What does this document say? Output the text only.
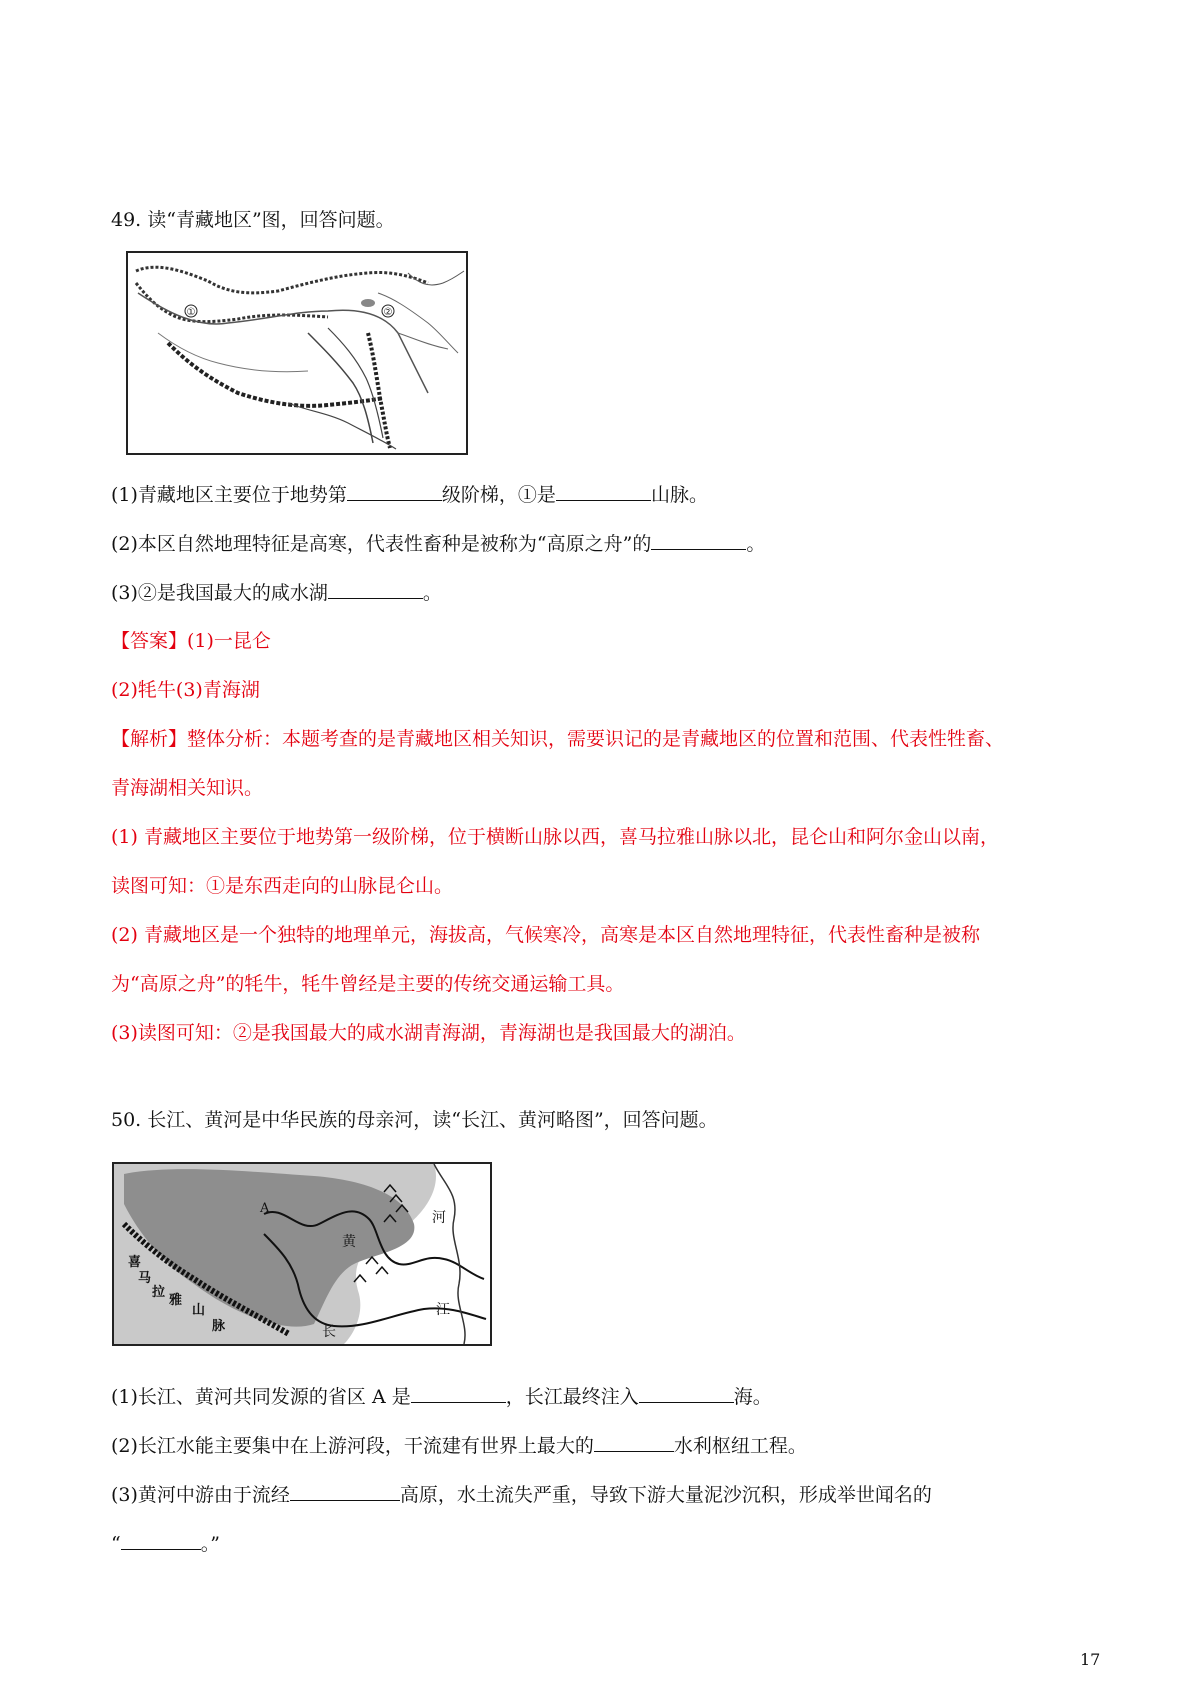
49. 读“青藏地区”图，回答问题。
①	②
(1)青藏地区主要位于地势第	级阶梯，①是	山脉。
(2)本区自然地理特征是高寒，代表性畜种是被称为“高原之舟”的	。
(3)②是我国最大的咸水湖	。
【答案】(1)一昆仑
(2)牦牛(3)青海湖
【解析】整体分析：本题考查的是青藏地区相关知识，需要识记的是青藏地区的位置和范围、代表性牲畜、
青海湖相关知识。
(1) 青藏地区主要位于地势第一级阶梯，位于横断山脉以西，喜马拉雅山脉以北，昆仑山和阿尔金山以南，
读图可知：①是东西走向的山脉昆仑山。
(2) 青藏地区是一个独特的地理单元，海拔高，气候寒冷，高寒是本区自然地理特征，代表性畜种是被称
为“高原之舟”的牦牛，牦牛曾经是主要的传统交通运输工具。
(3)读图可知：②是我国最大的咸水湖青海湖，青海湖也是我国最大的湖泊。
50. 长江、黄河是中华民族的母亲河，读“长江、黄河略图”，回答问题。
A
黄
河
长
江
喜
马
拉
雅
山
脉
(1)长江、黄河共同发源的省区 A 是	，长江最终注入	海。
(2)长江水能主要集中在上游河段，干流建有世界上最大的	水利枢纽工程。
(3)黄河中游由于流经	高原，水土流失严重，导致下游大量泥沙沉积，形成举世闻名的
“	。”
17
